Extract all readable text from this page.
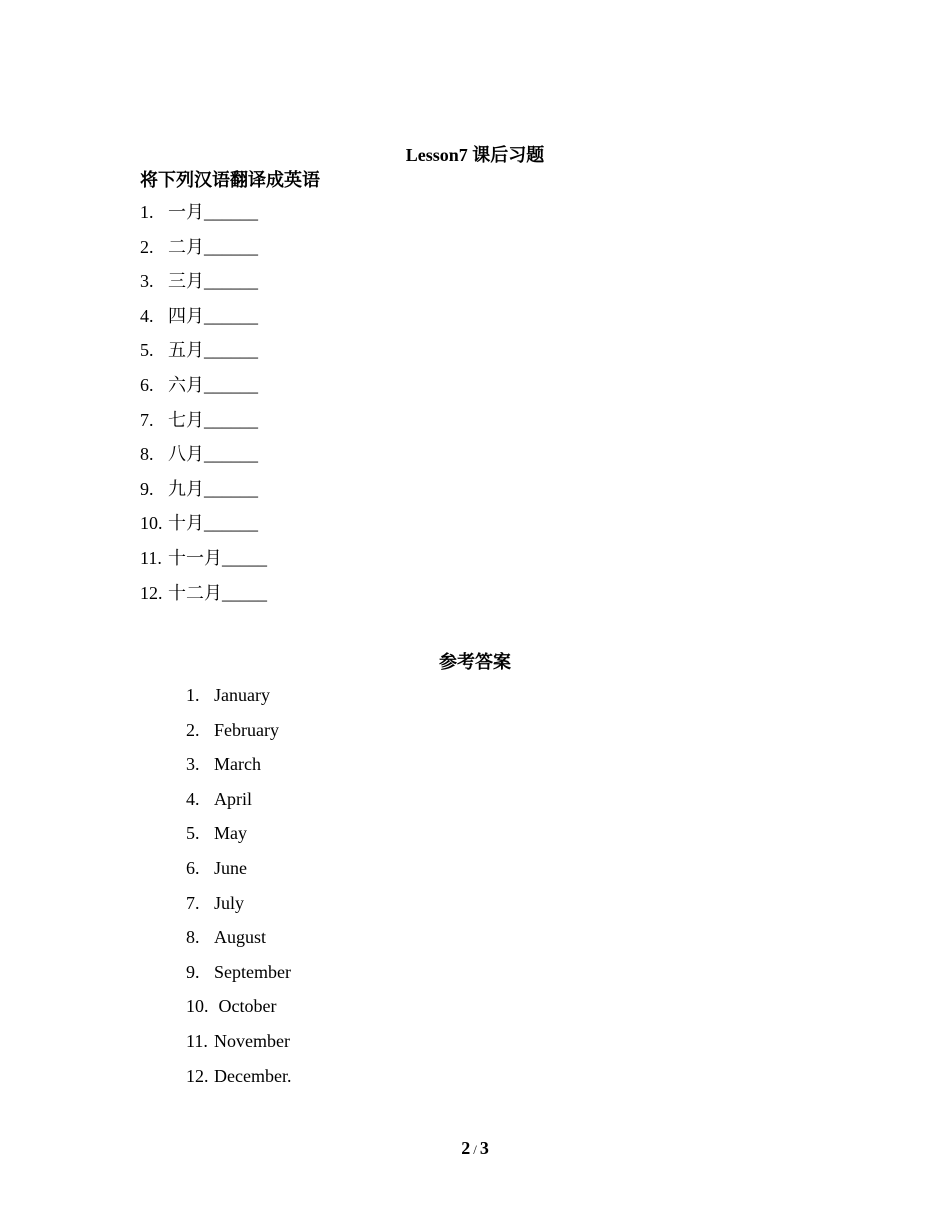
Lesson7 课后习题
将下列汉语翻译成英语
1. 一月______
2. 二月______
3. 三月______
4. 四月______
5. 五月______
6. 六月______
7. 七月______
8. 八月______
9. 九月______
10. 十月______
11. 十一月_____
12. 十二月_____
参考答案
1. January
2. February
3. March
4. April
5. May
6. June
7. July
8. August
9. September
10. October
11. November
12. December.
2 / 3
